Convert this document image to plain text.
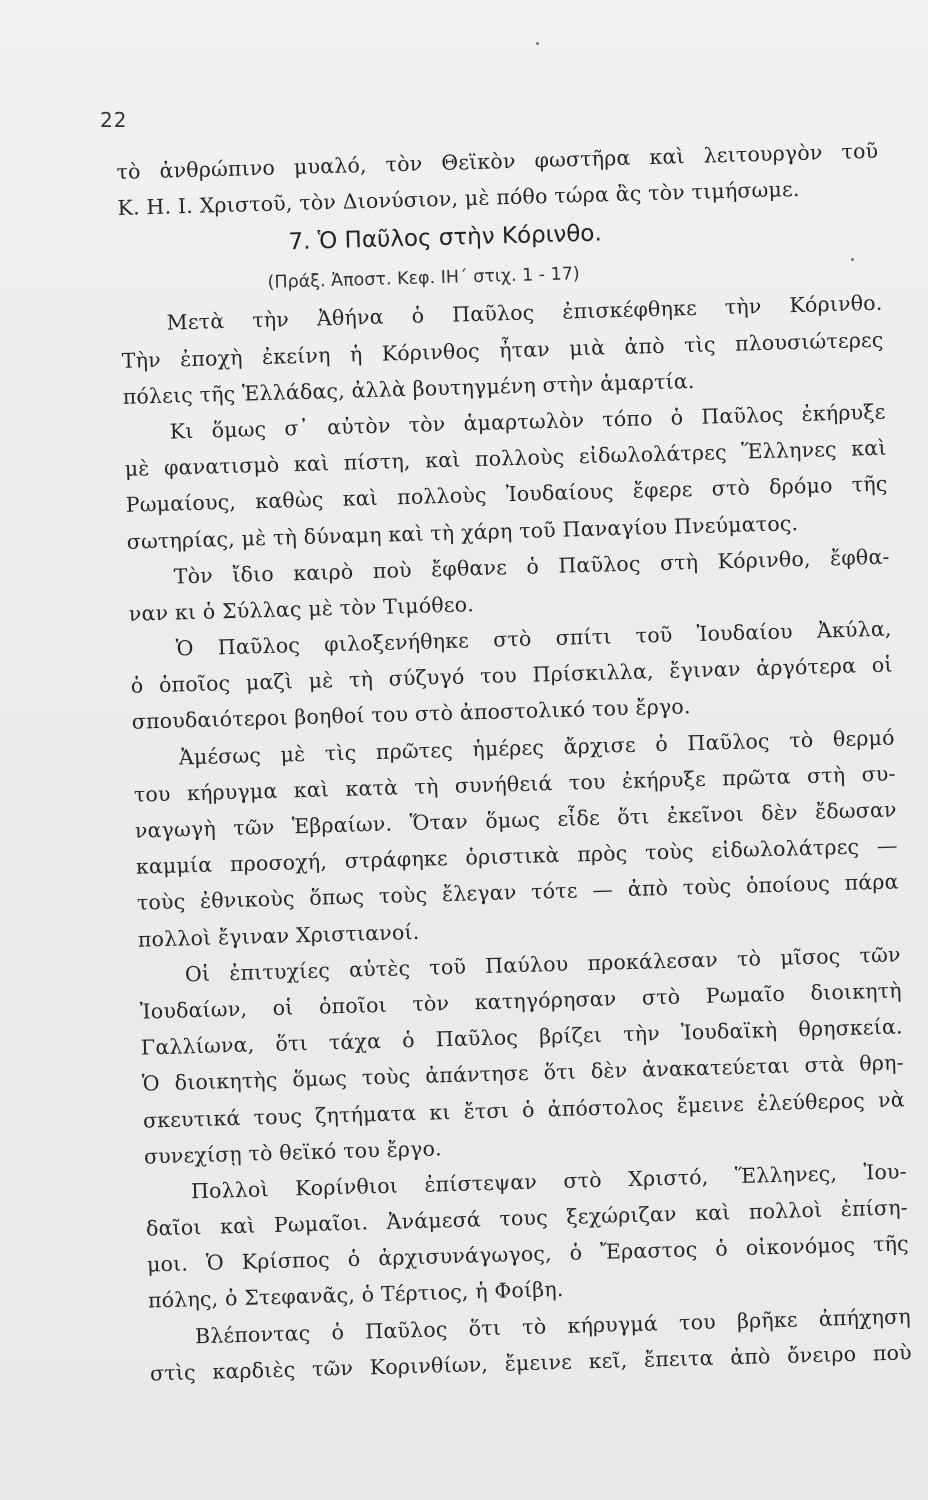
22
τὸ ἀνθρώπινο μυαλό, τὸν Θεϊκὸν φωστῆρα καὶ λειτουργὸν τοῦ
Κ. Η. Ι. Χριστοῦ, τὸν Διονύσιον, μὲ πόθο τώρα ἂς τὸν τιμήσωμε.
7. Ὁ Παῦλος στὴν Κόρινθο.
(Πράξ. Ἀποστ. Κεφ. ΙΗ΄ στιχ. 1 - 17)
Μετὰ τὴν Ἀθήνα ὁ Παῦλος ἐπισκέφθηκε τὴν Κόρινθο.
Τὴν ἐποχὴ ἐκείνη ἡ Κόρινθος ἦταν μιὰ ἀπὸ τὶς πλουσιώτερες
πόλεις τῆς Ἑλλάδας, ἀλλὰ βουτηγμένη στὴν ἁμαρτία.
Κι ὅμως σ᾿ αὐτὸν τὸν ἁμαρτωλὸν τόπο ὁ Παῦλος ἐκήρυξε
μὲ φανατισμὸ καὶ πίστη, καὶ πολλοὺς εἰδωλολάτρες Ἕλληνες καὶ
Ρωμαίους, καθὼς καὶ πολλοὺς Ἰουδαίους ἔφερε στὸ δρόμο τῆς
σωτηρίας, μὲ τὴ δύναμη καὶ τὴ χάρη τοῦ Παναγίου Πνεύματος.
Τὸν ἴδιο καιρὸ ποὺ ἔφθανε ὁ Παῦλος στὴ Κόρινθο, ἔφθα-
ναν κι ὁ Σύλλας μὲ τὸν Τιμόθεο.
Ὁ Παῦλος φιλοξενήθηκε στὸ σπίτι τοῦ Ἰουδαίου Ἀκύλα,
ὁ ὁποῖος μαζὶ μὲ τὴ σύζυγό του Πρίσκιλλα, ἔγιναν ἀργότερα οἱ
σπουδαιότεροι βοηθοί του στὸ ἀποστολικό του ἔργο.
Ἀμέσως μὲ τὶς πρῶτες ἡμέρες ἄρχισε ὁ Παῦλος τὸ θερμό
του κήρυγμα καὶ κατὰ τὴ συνήθειά του ἐκήρυξε πρῶτα στὴ συ-
ναγωγὴ τῶν Ἑβραίων. Ὅταν ὅμως εἶδε ὅτι ἐκεῖνοι δὲν ἔδωσαν
καμμία προσοχή, στράφηκε ὁριστικὰ πρὸς τοὺς εἰδωλολάτρες —
τοὺς ἐθνικοὺς ὅπως τοὺς ἔλεγαν τότε — ἀπὸ τοὺς ὁποίους πάρα
πολλοὶ ἔγιναν Χριστιανοί.
Οἱ ἐπιτυχίες αὐτὲς τοῦ Παύλου προκάλεσαν τὸ μῖσος τῶν
Ἰουδαίων, οἱ ὁποῖοι τὸν κατηγόρησαν στὸ Ρωμαῖο διοικητὴ
Γαλλίωνα, ὅτι τάχα ὁ Παῦλος βρίζει τὴν Ἰουδαϊκὴ θρησκεία.
Ὁ διοικητὴς ὅμως τοὺς ἀπάντησε ὅτι δὲν ἀνακατεύεται στὰ θρη-
σκευτικά τους ζητήματα κι ἔτσι ὁ ἀπόστολος ἔμεινε ἐλεύθερος νὰ
συνεχίσῃ τὸ θεϊκό του ἔργο.
Πολλοὶ Κορίνθιοι ἐπίστεψαν στὸ Χριστό, Ἕλληνες, Ἰου-
δαῖοι καὶ Ρωμαῖοι. Ἀνάμεσά τους ξεχώριζαν καὶ πολλοὶ ἐπίση-
μοι. Ὁ Κρίσπος ὁ ἀρχισυνάγωγος, ὁ Ἔραστος ὁ οἰκονόμος τῆς
πόλης, ὁ Στεφανᾶς, ὁ Τέρτιος, ἡ Φοίβη.
Βλέποντας ὁ Παῦλος ὅτι τὸ κήρυγμά του βρῆκε ἀπήχηση
στὶς καρδιὲς τῶν Κορινθίων, ἔμεινε κεῖ, ἔπειτα ἀπὸ ὄνειρο ποὺ
